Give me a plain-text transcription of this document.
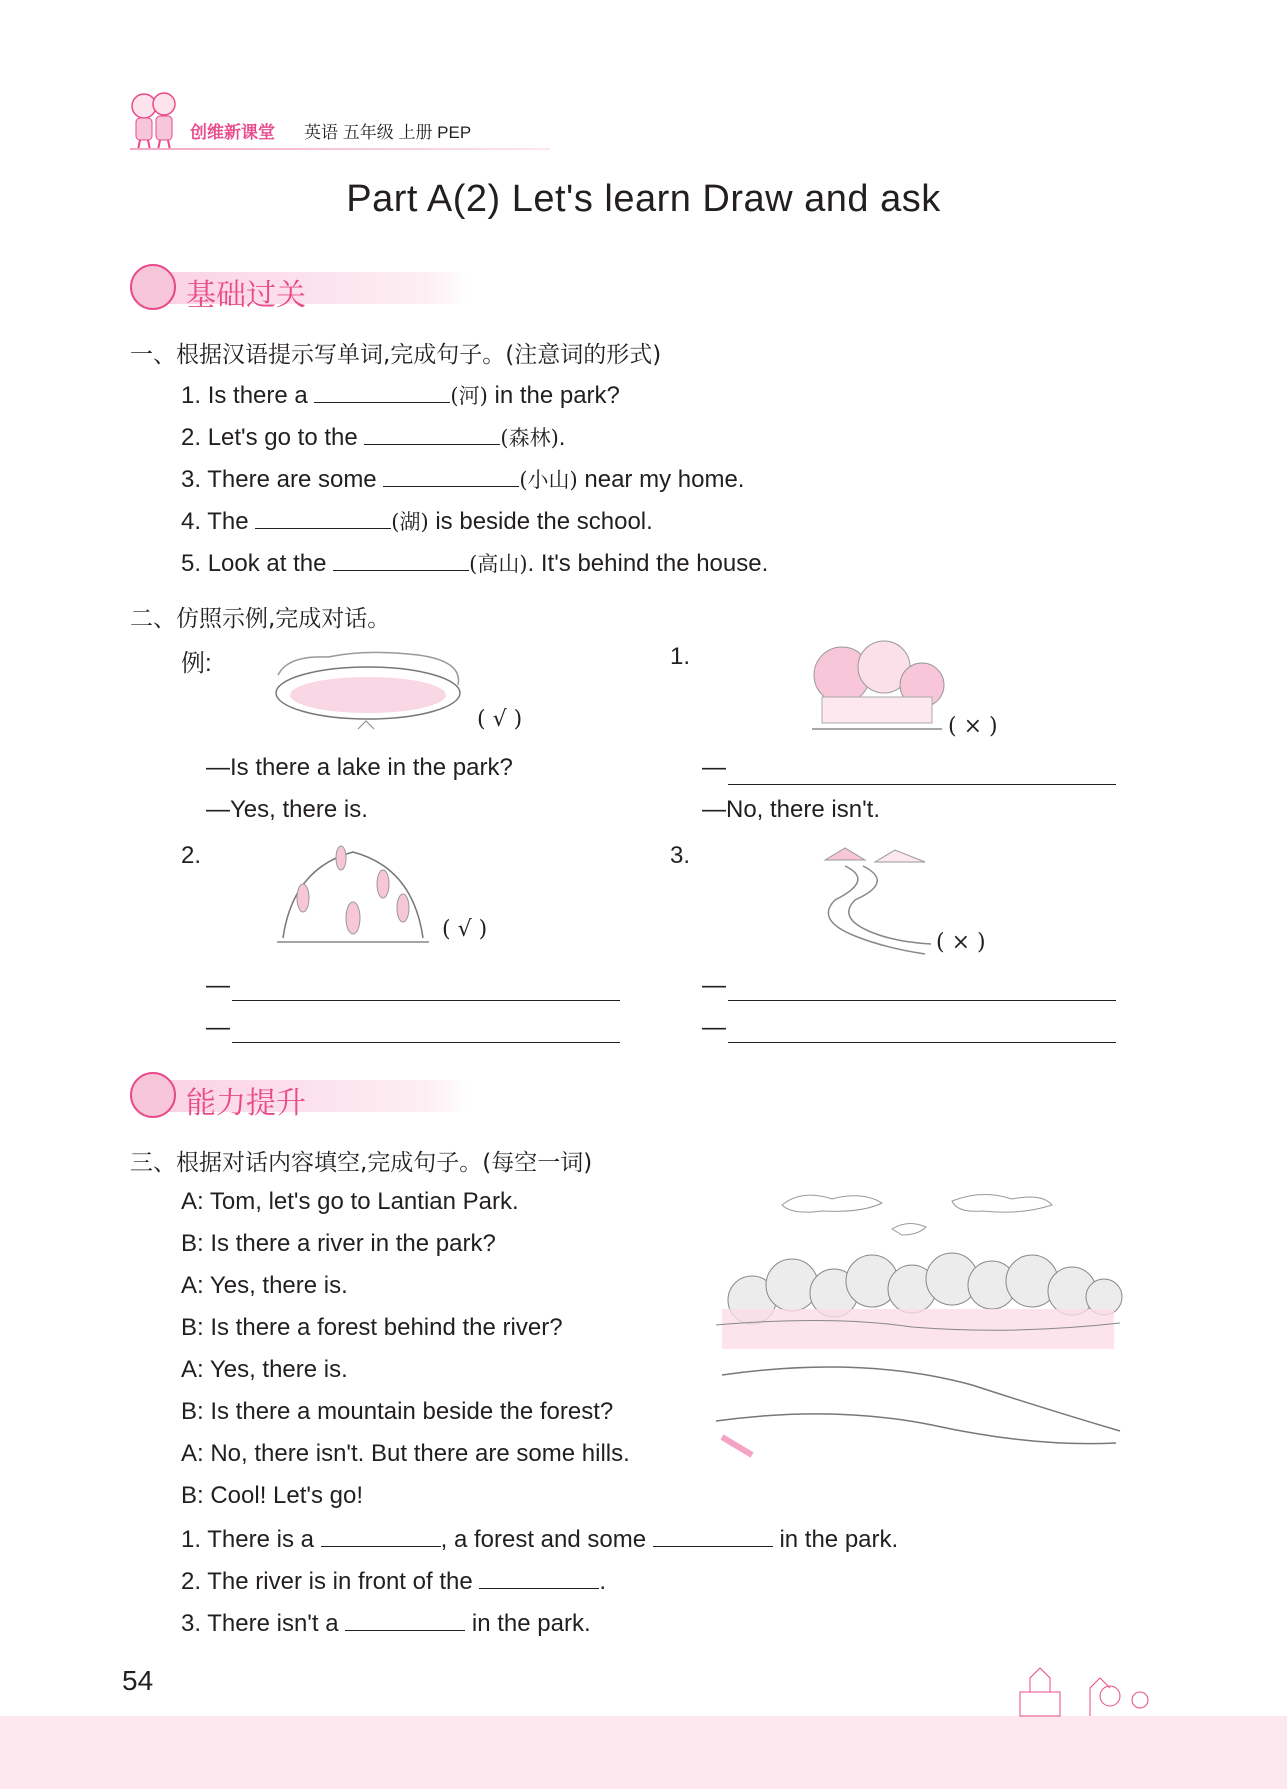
创维新课堂 英语 五年级 上册 PEP
Part A(2) Let's learn Draw and ask
基础过关
一、根据汉语提示写单词,完成句子。(注意词的形式)
1. Is there a	(河) in the park?
2. Let's go to the	(森林).
3. There are some	(小山) near my home.
4. The	(湖) is beside the school.
5. Look at the	(高山). It's behind the house.
二、仿照示例,完成对话。
例:
( √ )
—Is there a lake in the park?
—Yes, there is.
1.
( × )
—
—No, there isn't.
2.
( √ )
—
—
3.
( × )
—
—
能力提升
三、根据对话内容填空,完成句子。(每空一词)
A: Tom, let's go to Lantian Park.
B: Is there a river in the park?
A: Yes, there is.
B: Is there a forest behind the river?
A: Yes, there is.
B: Is there a mountain beside the forest?
A: No, there isn't. But there are some hills.
B: Cool! Let's go!
1. There is a	, a forest and some	in the park.
2. The river is in front of the	.
3. There isn't a	in the park.
54
